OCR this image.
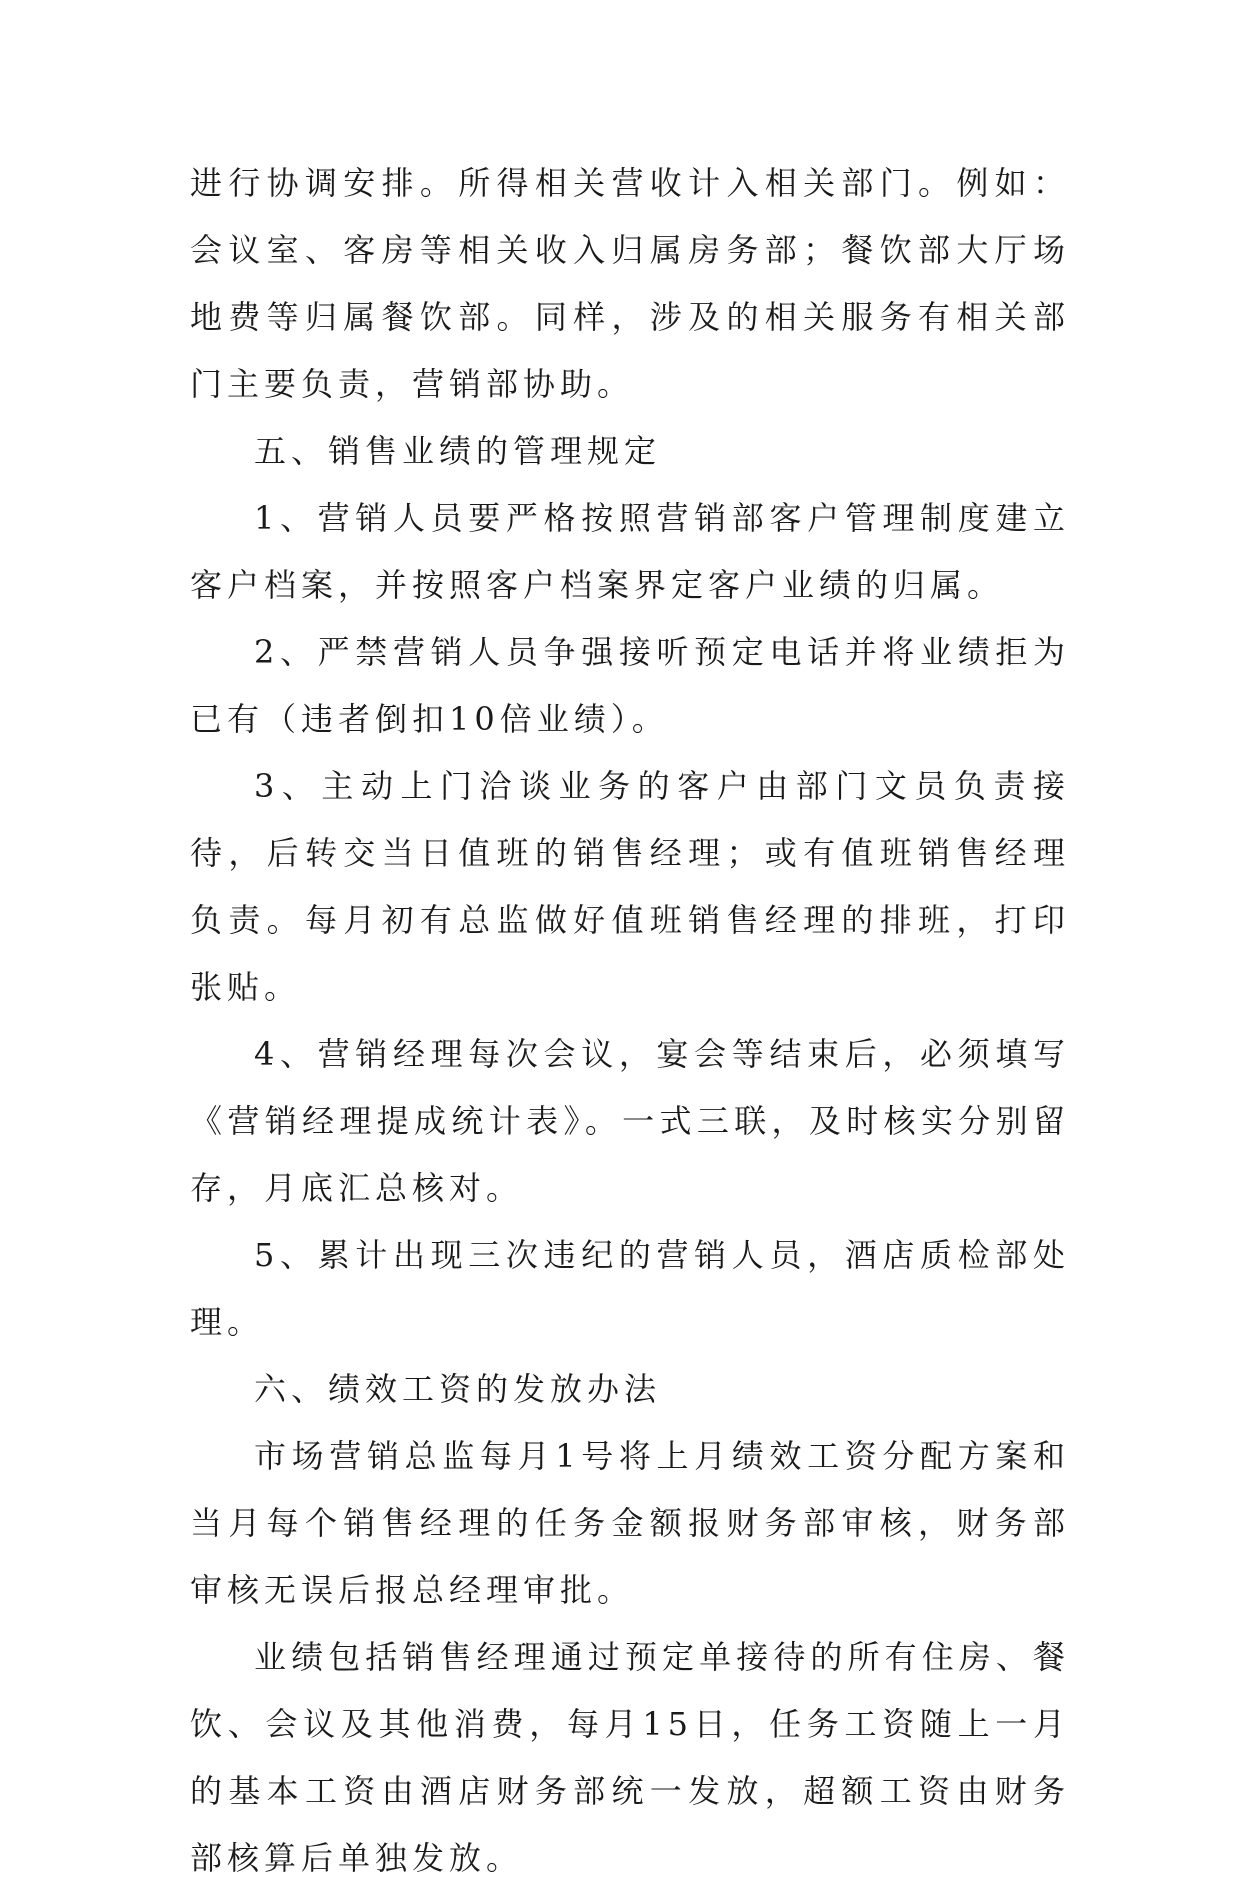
进行协调安排。所得相关营收计入相关部门。例如：会议室、客房等相关收入归属房务部；餐饮部大厅场地费等归属餐饮部。同样，涉及的相关服务有相关部门主要负责，营销部协助。

五、销售业绩的管理规定

1、营销人员要严格按照营销部客户管理制度建立客户档案，并按照客户档案界定客户业绩的归属。

2、严禁营销人员争强接听预定电话并将业绩拒为已有（违者倒扣10倍业绩）。

3、主动上门洽谈业务的客户由部门文员负责接待，后转交当日值班的销售经理；或有值班销售经理负责。每月初有总监做好值班销售经理的排班，打印张贴。

4、营销经理每次会议，宴会等结束后，必须填写《营销经理提成统计表》。一式三联，及时核实分别留存，月底汇总核对。

5、累计出现三次违纪的营销人员，酒店质检部处理。

六、绩效工资的发放办法

市场营销总监每月1号将上月绩效工资分配方案和当月每个销售经理的任务金额报财务部审核，财务部审核无误后报总经理审批。

业绩包括销售经理通过预定单接待的所有住房、餐饮、会议及其他消费，每月15日，任务工资随上一月的基本工资由酒店财务部统一发放，超额工资由财务部核算后单独发放。
